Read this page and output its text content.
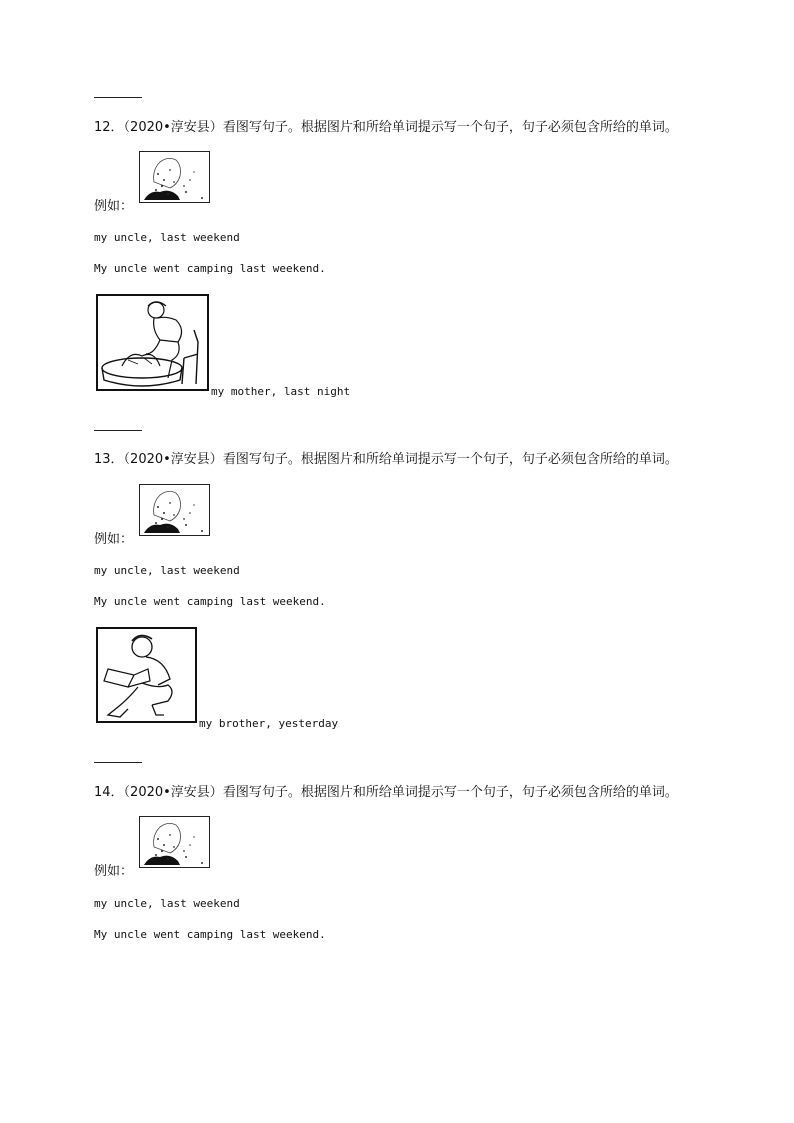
12．（2020•淳安县）看图写句子。根据图片和所给单词提示写一个句子，句子必须包含所给的单词。
例如：
my uncle, last weekend
My uncle went camping last weekend.
my mother, last night
13．（2020•淳安县）看图写句子。根据图片和所给单词提示写一个句子，句子必须包含所给的单词。
例如：
my uncle, last weekend
My uncle went camping last weekend.
my brother, yesterday
14．（2020•淳安县）看图写句子。根据图片和所给单词提示写一个句子，句子必须包含所给的单词。
例如：
my uncle, last weekend
My uncle went camping last weekend.
